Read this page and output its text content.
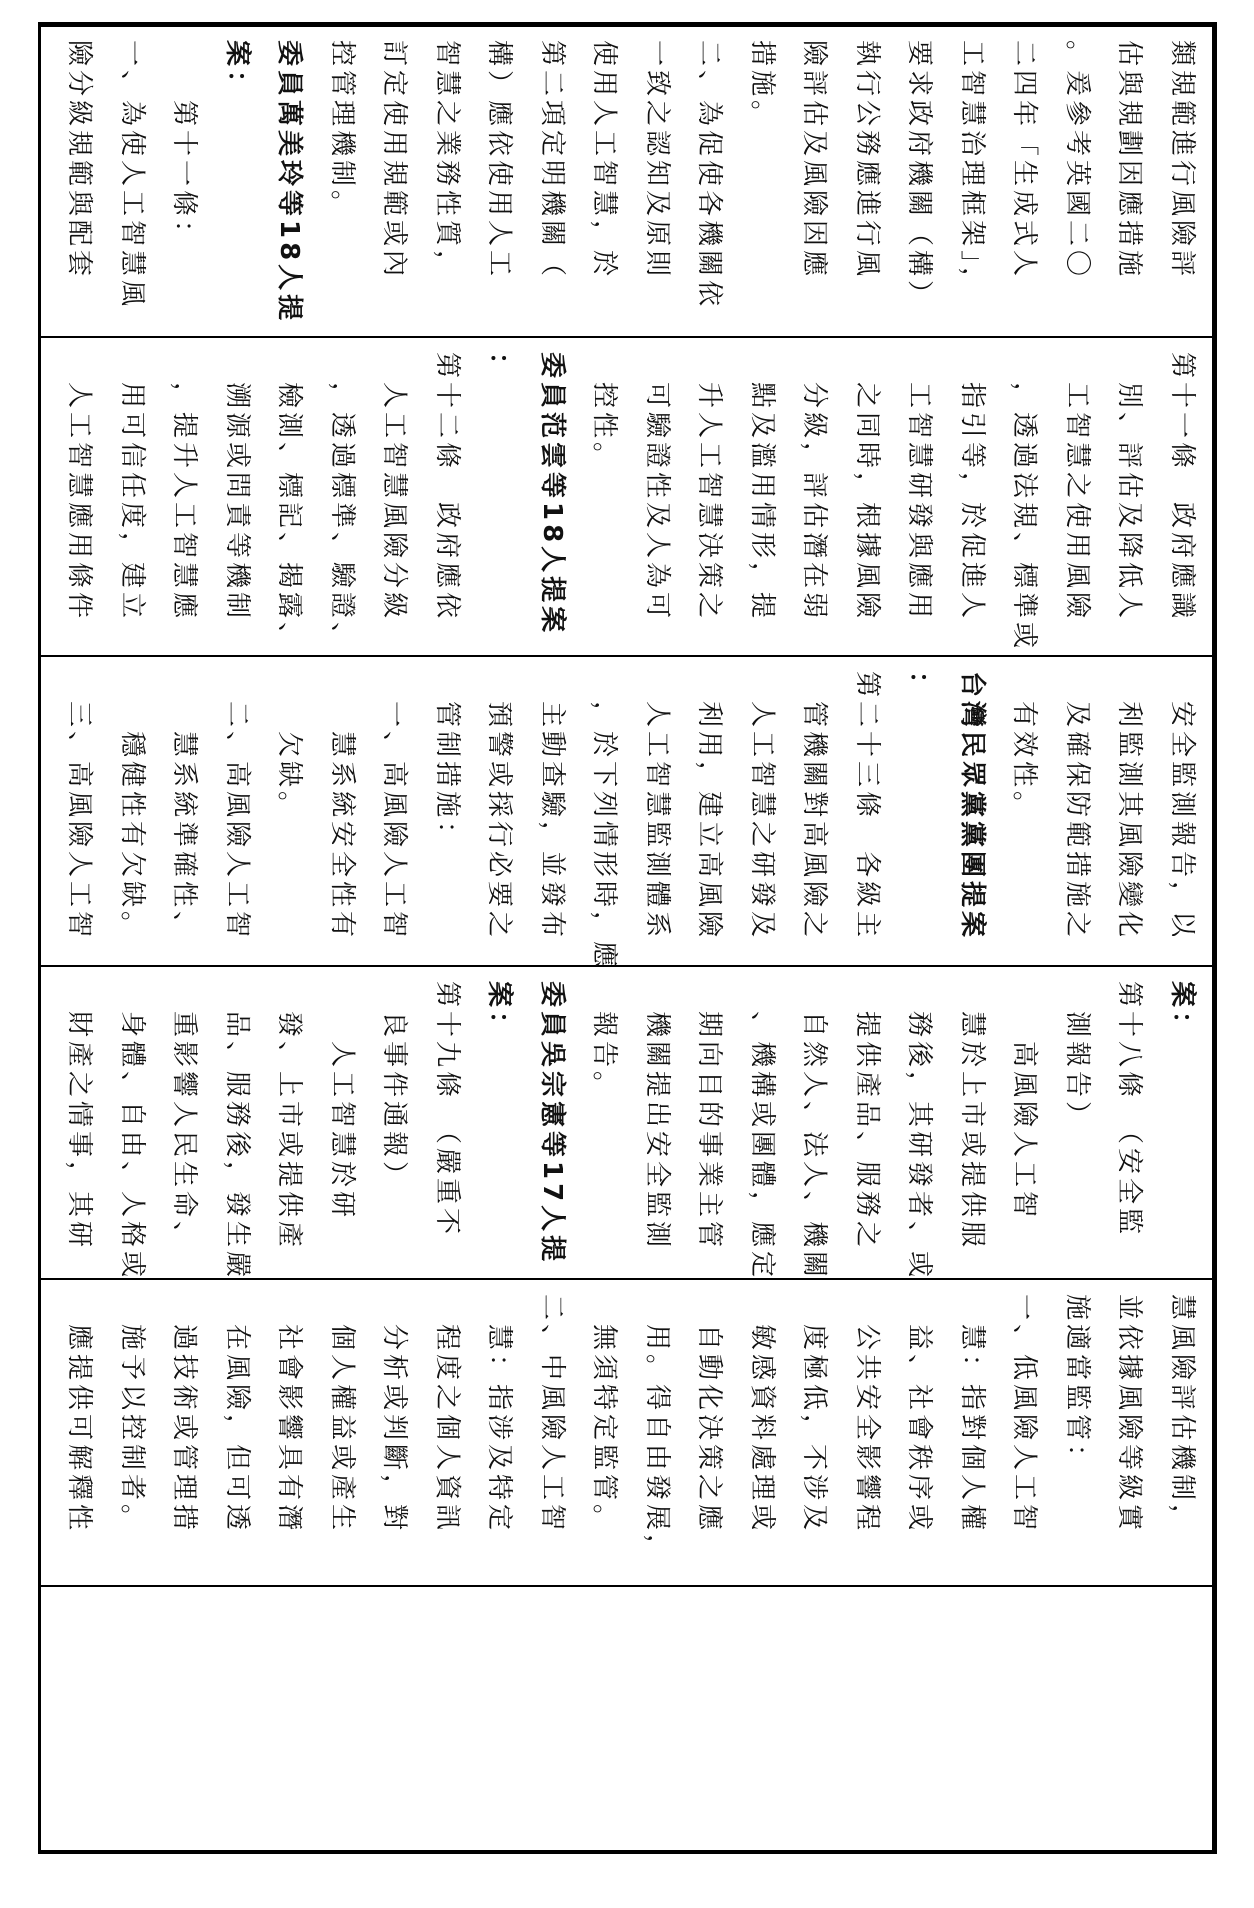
類規範進行風險評
估與規劃因應措施
。爰參考英國二〇
二四年「生成式人
工智慧治理框架」，
要求政府機關（構）
執行公務應進行風
險評估及風險因應
措施。
二、為促使各機關依
一致之認知及原則
使用人工智慧，於
第二項定明機關（
構）應依使用人工
智慧之業務性質，
訂定使用規範或內
控管理機制。
委員萬美玲等18人提
案：
　　第十一條：
一、為使人工智慧風
險分級規範與配套
第十一條　政府應識
　別、評估及降低人
　工智慧之使用風險
　，透過法規、標準或
　指引等，於促進人
　工智慧研發與應用
　之同時，根據風險
　分級，評估潛在弱
　點及濫用情形，提
　升人工智慧決策之
　可驗證性及人為可
　控性。
委員范雲等18人提案
：
第十二條　政府應依
　人工智慧風險分級
　，透過標準、驗證、
　檢測、標記、揭露、
　溯源或問責等機制
　，提升人工智慧應
　用可信任度，建立
　人工智慧應用條件
　安全監測報告，以
　利監測其風險變化
　及確保防範措施之
　有效性。
台灣民眾黨黨團提案
：
第二十三條　各級主
　管機關對高風險之
　人工智慧之研發及
　利用，建立高風險
　人工智慧監測體系
　，於下列情形時，應
　主動查驗，並發布
　預警或採行必要之
　管制措施：
　一、高風險人工智
　　慧系統安全性有
　　欠缺。
　二、高風險人工智
　　慧系統準確性、
　　穩健性有欠缺。
　三、高風險人工智
案：
第十八條　（安全監
　測報告）
　　高風險人工智
　慧於上市或提供服
　務後，其研發者、或
　提供產品、服務之
　自然人、法人、機關
　、機構或團體，應定
　期向目的事業主管
　機關提出安全監測
　報告。
委員吳宗憲等17人提
案：
第十九條　（嚴重不
　良事件通報）
　　人工智慧於研
　發、上市或提供產
　品、服務後，發生嚴
　重影響人民生命、
　身體、自由、人格或
　財產之情事，其研
慧風險評估機制，
並依據風險等級實
施適當監管：
一、低風險人工智
　慧：指對個人權
　益、社會秩序或
　公共安全影響程
　度極低，不涉及
　敏感資料處理或
　自動化決策之應
　用。得自由發展，
　無須特定監管。
二、中風險人工智
　慧：指涉及特定
　程度之個人資訊
　分析或判斷，對
　個人權益或產生
　社會影響具有潛
　在風險，但可透
　過技術或管理措
　施予以控制者。
　應提供可解釋性
